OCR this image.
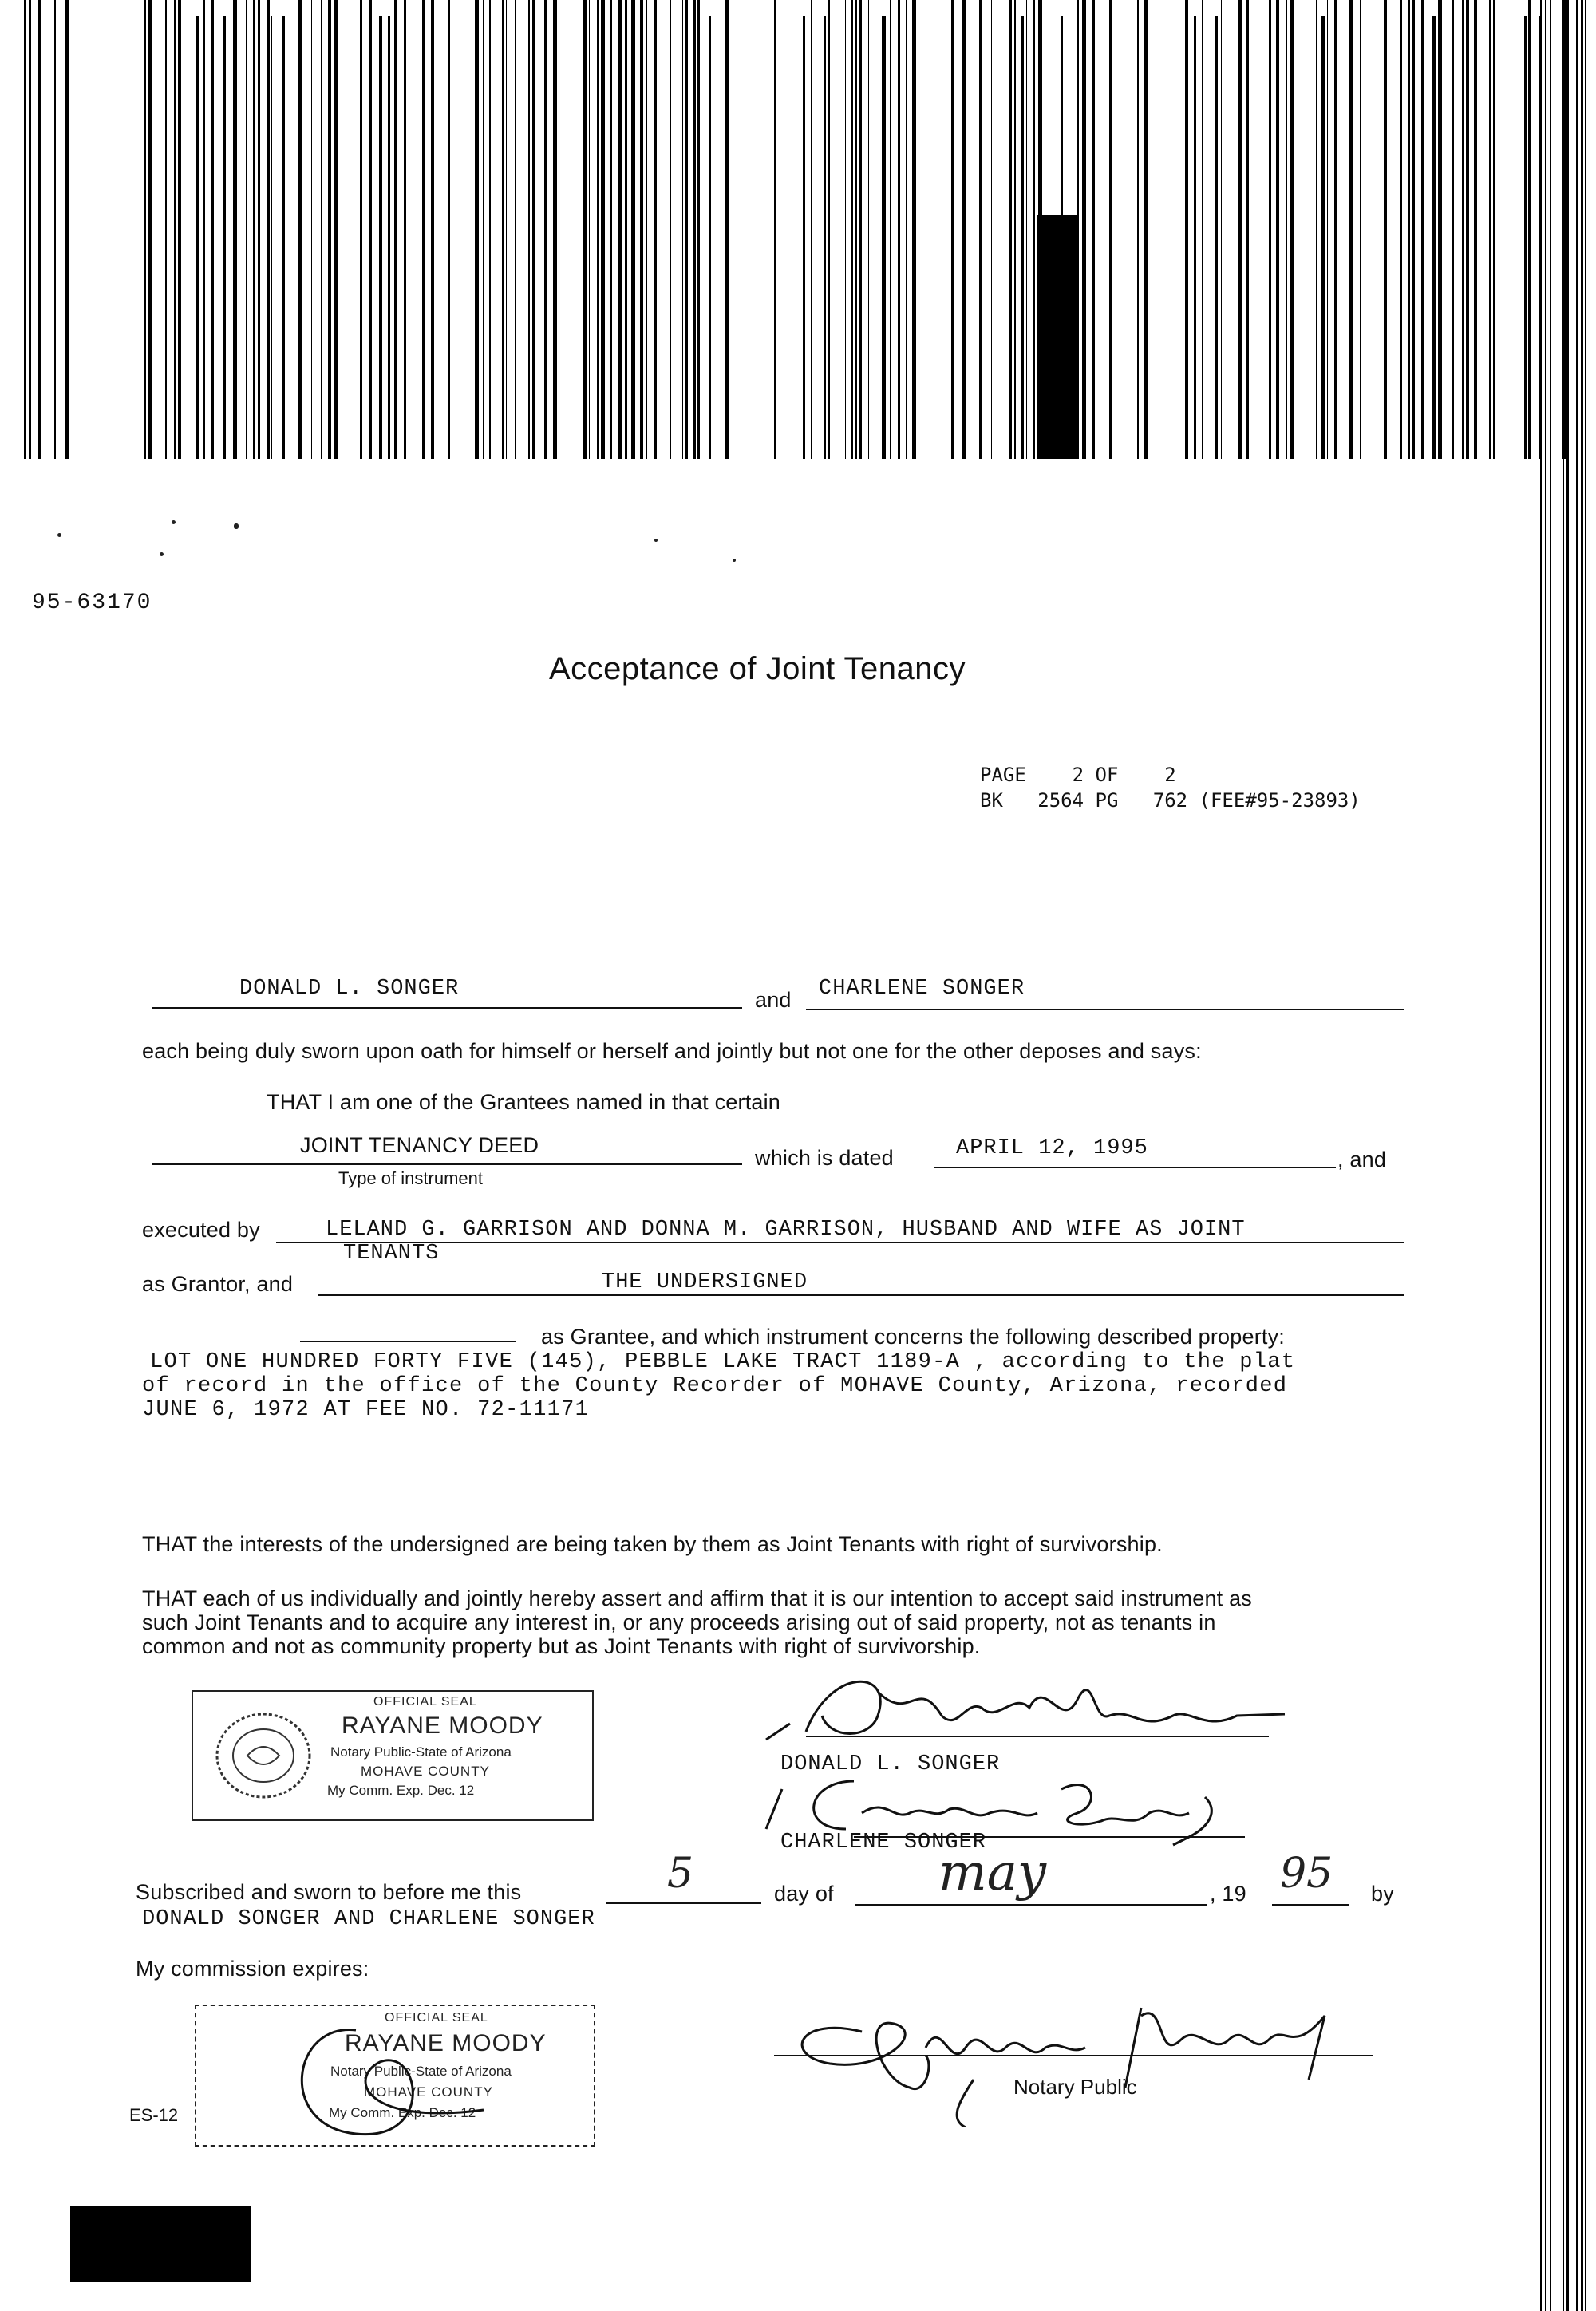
95-63170
Acceptance of Joint Tenancy
PAGE    2 OF    2
BK   2564 PG   762 (FEE#95-23893)
DONALD L. SONGER	and CHARLENE SONGER
each being duly sworn upon oath for himself or herself and jointly but not one for the other deposes and says:
THAT I am one of the Grantees named in that certain
JOINT TENANCY DEED
Type of instrument
which is dated	APRIL 12, 1995	, and
executed by	LELAND G. GARRISON AND DONNA M. GARRISON, HUSBAND AND WIFE AS JOINT
TENANTS
as Grantor, and	THE UNDERSIGNED
as Grantee, and which instrument concerns the following described property:
LOT ONE HUNDRED FORTY FIVE (145), PEBBLE LAKE TRACT 1189-A , according to the plat
of record in the office of the County Recorder of MOHAVE County, Arizona, recorded
JUNE 6, 1972 AT FEE NO. 72-11171
THAT the interests of the undersigned are being taken by them as Joint Tenants with right of survivorship.
THAT each of us individually and jointly hereby assert and affirm that it is our intention to accept said instrument as
such Joint Tenants and to acquire any interest in, or any proceeds arising out of said property, not as tenants in
common and not as community property but as Joint Tenants with right of survivorship.
OFFICIAL SEAL
RAYANE MOODY
Notary Public-State of Arizona
MOHAVE COUNTY
My Comm. Exp. Dec. 12
DONALD L. SONGER
CHARLENE SONGER
Subscribed and sworn to before me this	5	day of may	, 19 95 by
DONALD SONGER AND CHARLENE SONGER
My commission expires:
OFFICIAL SEAL
RAYANE MOODY
Notary Public-State of Arizona
MOHAVE COUNTY
My Comm. Exp. Dec. 12
ES-12
Notary Public
